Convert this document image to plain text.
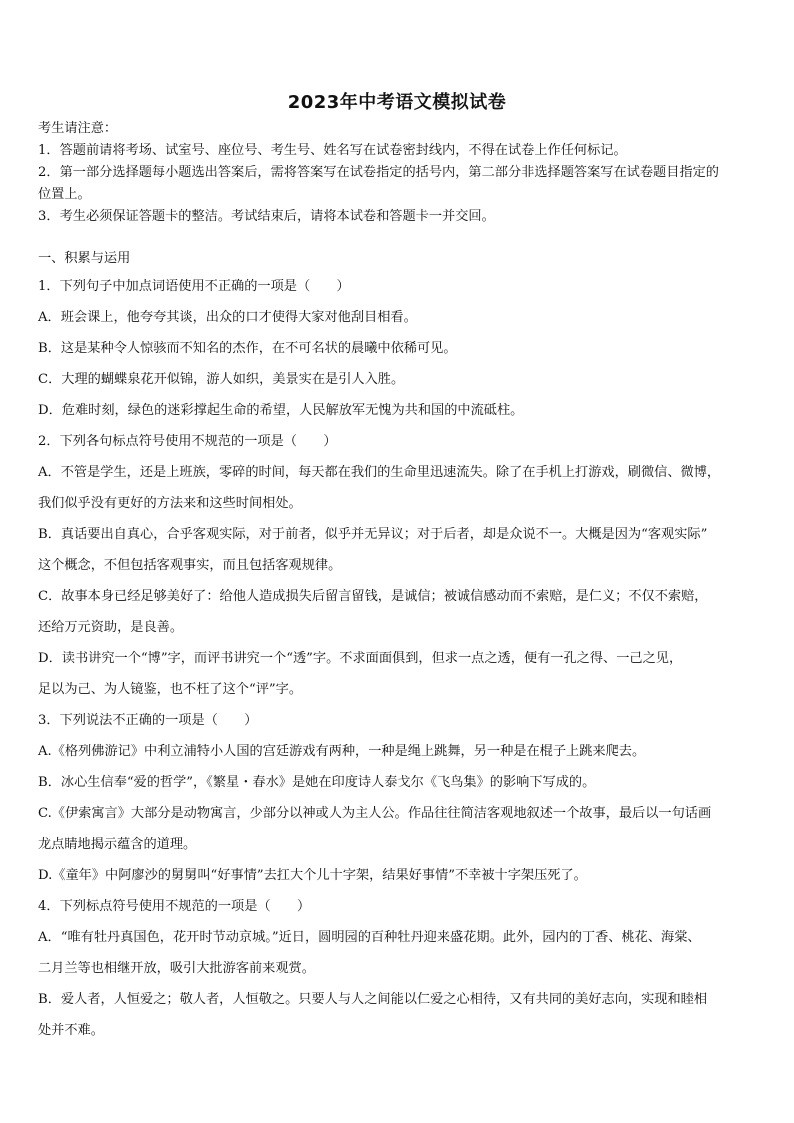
2023年中考语文模拟试卷
考生请注意：
1．答题前请将考场、试室号、座位号、考生号、姓名写在试卷密封线内，不得在试卷上作任何标记。
2．第一部分选择题每小题选出答案后，需将答案写在试卷指定的括号内，第二部分非选择题答案写在试卷题目指定的
位置上。
3．考生必须保证答题卡的整洁。考试结束后，请将本试卷和答题卡一并交回。
一、积累与运用
1．下列句子中加点词语使用不正确的一项是（　　）
A．班会课上，他夸夸其谈，出众的口才使得大家对他刮目相看。
B．这是某种令人惊骇而不知名的杰作，在不可名状的晨曦中依稀可见。
C．大理的蝴蝶泉花开似锦，游人如织，美景实在是引人入胜。
D．危难时刻，绿色的迷彩撑起生命的希望，人民解放军无愧为共和国的中流砥柱。
2．下列各句标点符号使用不规范的一项是（　　）
A．不管是学生，还是上班族，零碎的时间，每天都在我们的生命里迅速流失。除了在手机上打游戏，刷微信、微博，
我们似乎没有更好的方法来和这些时间相处。
B．真话要出自真心，合乎客观实际，对于前者，似乎并无异议；对于后者，却是众说不一。大概是因为“客观实际”
这个概念，不但包括客观事实，而且包括客观规律。
C．故事本身已经足够美好了：给他人造成损失后留言留钱，是诚信；被诚信感动而不索赔，是仁义；不仅不索赔，
还给万元资助，是良善。
D．读书讲究一个“博”字，而评书讲究一个“透”字。不求面面俱到，但求一点之透，便有一孔之得、一己之见，
足以为己、为人镜鉴，也不枉了这个“评”字。
3．下列说法不正确的一项是（　　）
A.《格列佛游记》中利立浦特小人国的宫廷游戏有两种，一种是绳上跳舞，另一种是在棍子上跳来爬去。
B．冰心生信奉“爱的哲学”，《繁星・春水》是她在印度诗人泰戈尔《飞鸟集》的影响下写成的。
C.《伊索寓言》大部分是动物寓言，少部分以神或人为主人公。作品往往简洁客观地叙述一个故事，最后以一句话画
龙点睛地揭示蕴含的道理。
D.《童年》中阿廖沙的舅舅叫“好事情”去扛大个儿十字架，结果好事情”不幸被十字架压死了。
4．下列标点符号使用不规范的一项是（　　）
A．“唯有牡丹真国色，花开时节动京城。”近日，圆明园的百种牡丹迎来盛花期。此外，园内的丁香、桃花、海棠、
二月兰等也相继开放，吸引大批游客前来观赏。
B．爱人者，人恒爱之；敬人者，人恒敬之。只要人与人之间能以仁爱之心相待，又有共同的美好志向，实现和睦相
处并不难。
